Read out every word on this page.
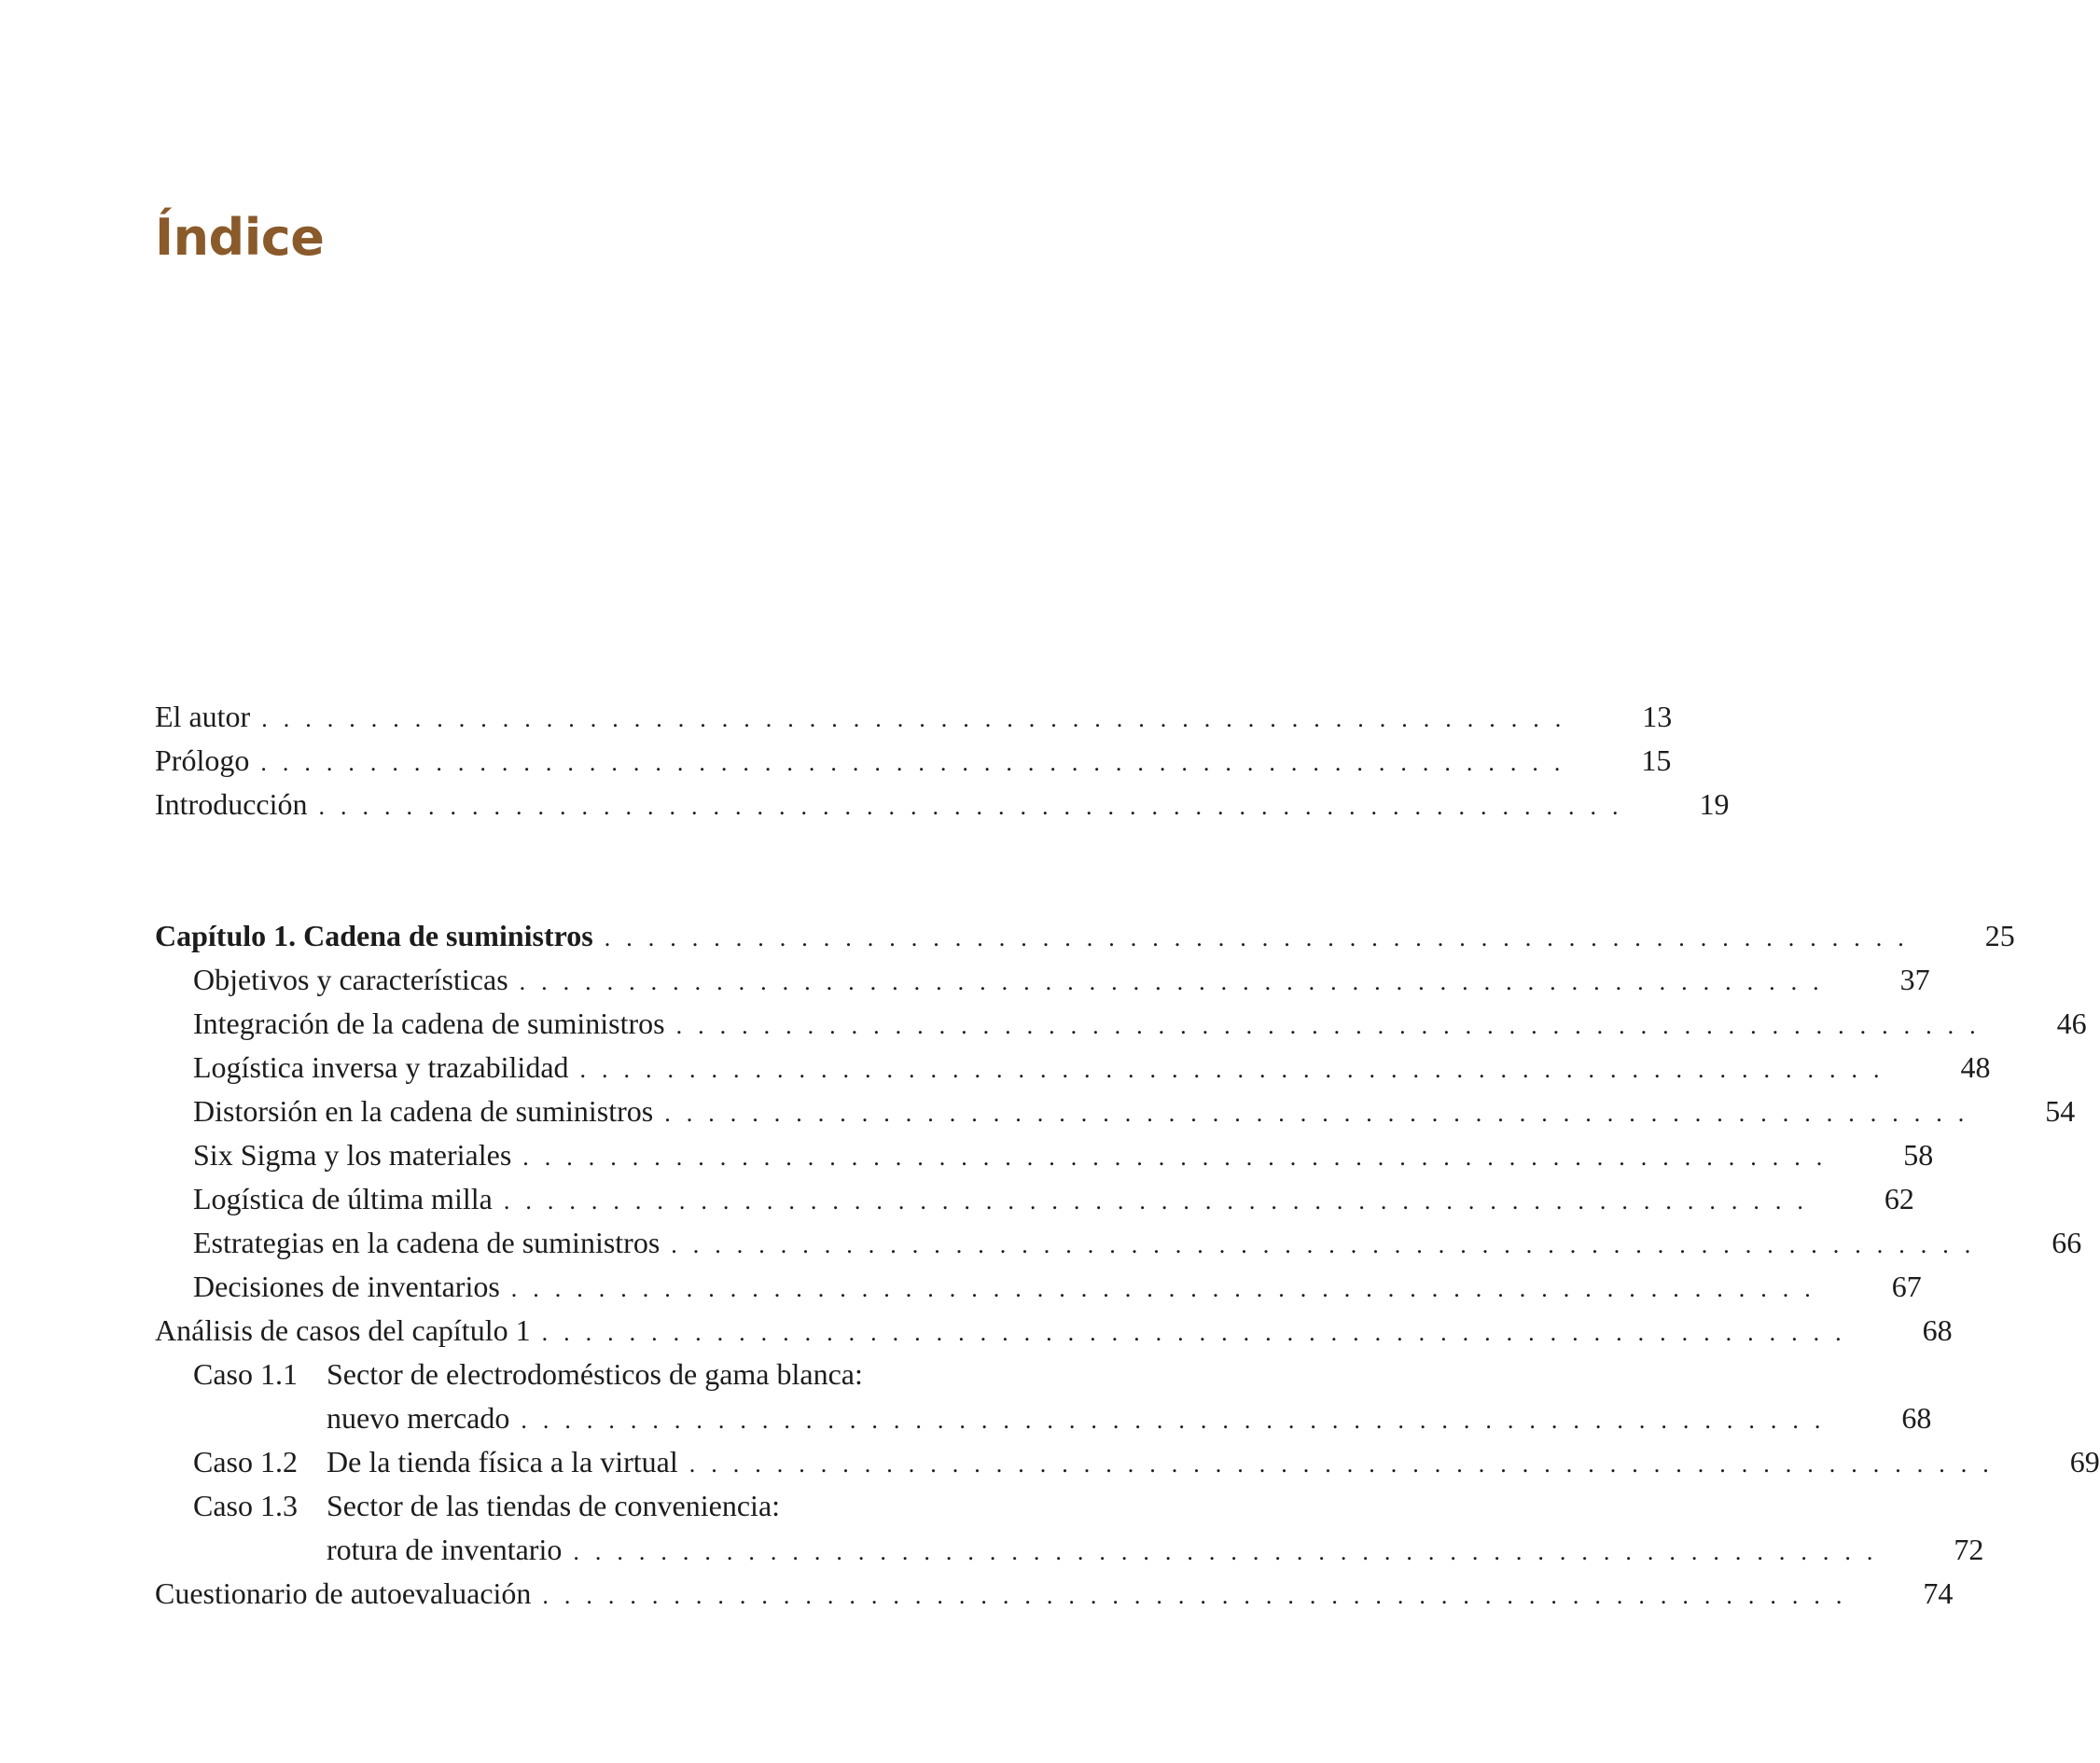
Índice
El autor ............................................................	13
Prólogo ............................................................	15
Introducción ............................................................	19
Capítulo 1. Cadena de suministros ............................................................	25
Objetivos y características ............................................................	37
Integración de la cadena de suministros ............................................................	46
Logística inversa y trazabilidad ............................................................	48
Distorsión en la cadena de suministros ............................................................	54
Six Sigma y los materiales ............................................................	58
Logística de última milla ............................................................	62
Estrategias en la cadena de suministros ............................................................	66
Decisiones de inventarios ............................................................	67
Análisis de casos del capítulo 1 ............................................................	68
Caso 1.1 Sector de electrodomésticos de gama blanca:
nuevo mercado ............................................................	68
Caso 1.2 De la tienda física a la virtual ............................................................	69
Caso 1.3 Sector de las tiendas de conveniencia:
rotura de inventario ............................................................	72
Cuestionario de autoevaluación ............................................................	74
